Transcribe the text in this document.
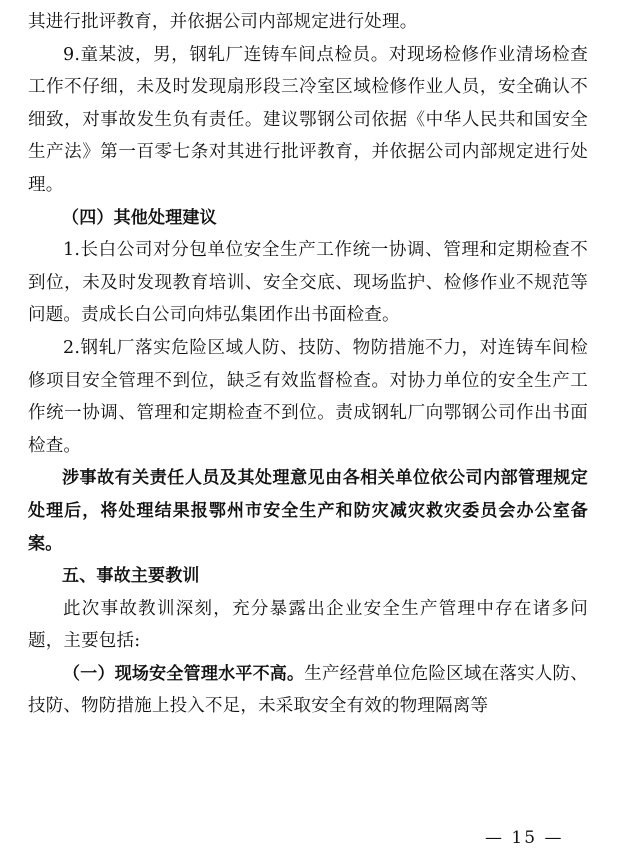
其进行批评教育，并依据公司内部规定进行处理。

9.童某波，男，钢轧厂连铸车间点检员。对现场检修作业清场检查工作不仔细，未及时发现扇形段三冷室区域检修作业人员，安全确认不细致，对事故发生负有责任。建议鄂钢公司依据《中华人民共和国安全生产法》第一百零七条对其进行批评教育，并依据公司内部规定进行处理。

（四）其他处理建议

1.长白公司对分包单位安全生产工作统一协调、管理和定期检查不到位，未及时发现教育培训、安全交底、现场监护、检修作业不规范等问题。责成长白公司向炜弘集团作出书面检查。

2.钢轧厂落实危险区域人防、技防、物防措施不力，对连铸车间检修项目安全管理不到位，缺乏有效监督检查。对协力单位的安全生产工作统一协调、管理和定期检查不到位。责成钢轧厂向鄂钢公司作出书面检查。

涉事故有关责任人员及其处理意见由各相关单位依公司内部管理规定处理后，将处理结果报鄂州市安全生产和防灾减灾救灾委员会办公室备案。

五、事故主要教训

此次事故教训深刻，充分暴露出企业安全生产管理中存在诸多问题，主要包括:

（一）现场安全管理水平不高。生产经营单位危险区域在落实人防、技防、物防措施上投入不足，未采取安全有效的物理隔离等

— 15 —
